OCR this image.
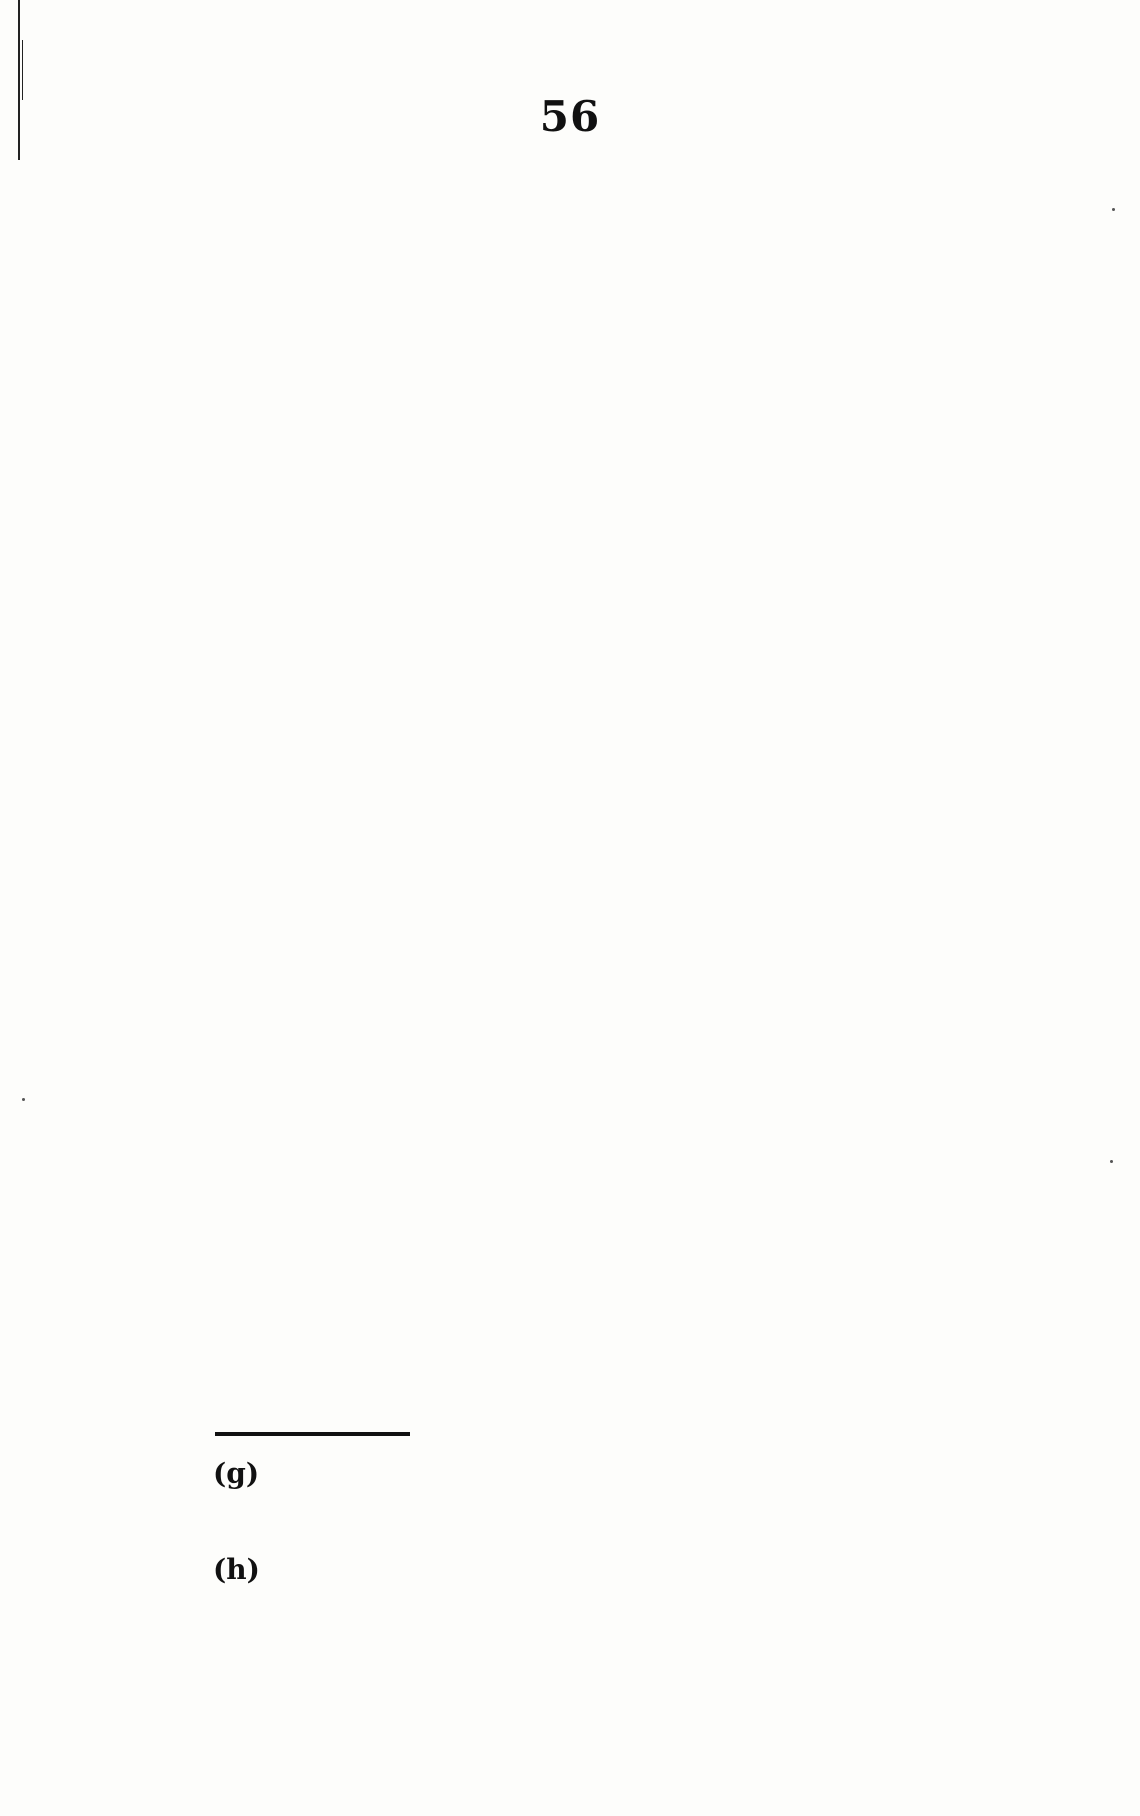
56
(g)
(h)
